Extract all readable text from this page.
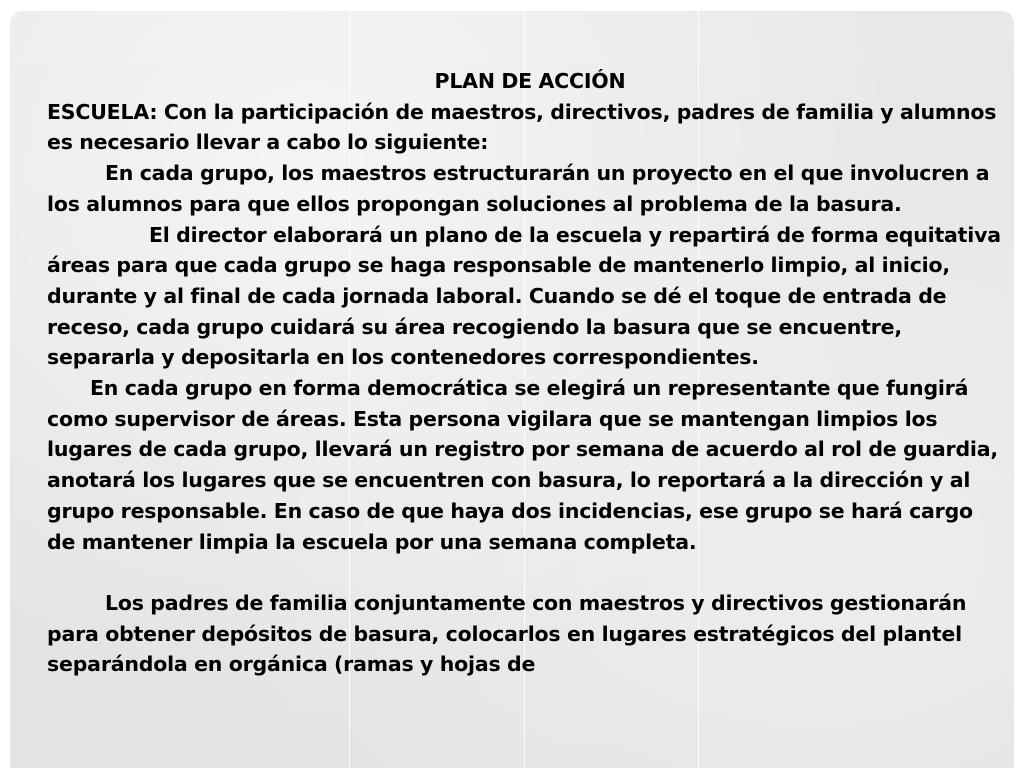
PLAN DE ACCIÓN

ESCUELA: Con la participación de maestros, directivos, padres de familia y alumnos es necesario llevar a cabo lo siguiente:

En cada grupo, los maestros estructurarán un proyecto en el que involucren a los alumnos para que ellos propongan soluciones al problema de la basura.

El director elaborará un plano de la escuela y repartirá de forma equitativa áreas para que cada grupo se haga responsable de mantenerlo limpio, al inicio, durante y al final de cada jornada laboral. Cuando se dé el toque de entrada de receso, cada grupo cuidará su área recogiendo la basura que se encuentre, separarla y depositarla en los contenedores correspondientes.

En cada grupo en forma democrática se elegirá un representante que fungirá como supervisor de áreas. Esta persona vigilara que se mantengan limpios los lugares de cada grupo, llevará un registro por semana de acuerdo al rol de guardia, anotará los lugares que se encuentren con basura, lo reportará a la dirección y al grupo responsable. En caso de que haya dos incidencias, ese grupo se hará cargo de mantener limpia la escuela por una semana completa.

Los padres de familia conjuntamente con maestros y directivos gestionarán para obtener depósitos de basura, colocarlos en lugares estratégicos del plantel separándola en orgánica (ramas y hojas de
